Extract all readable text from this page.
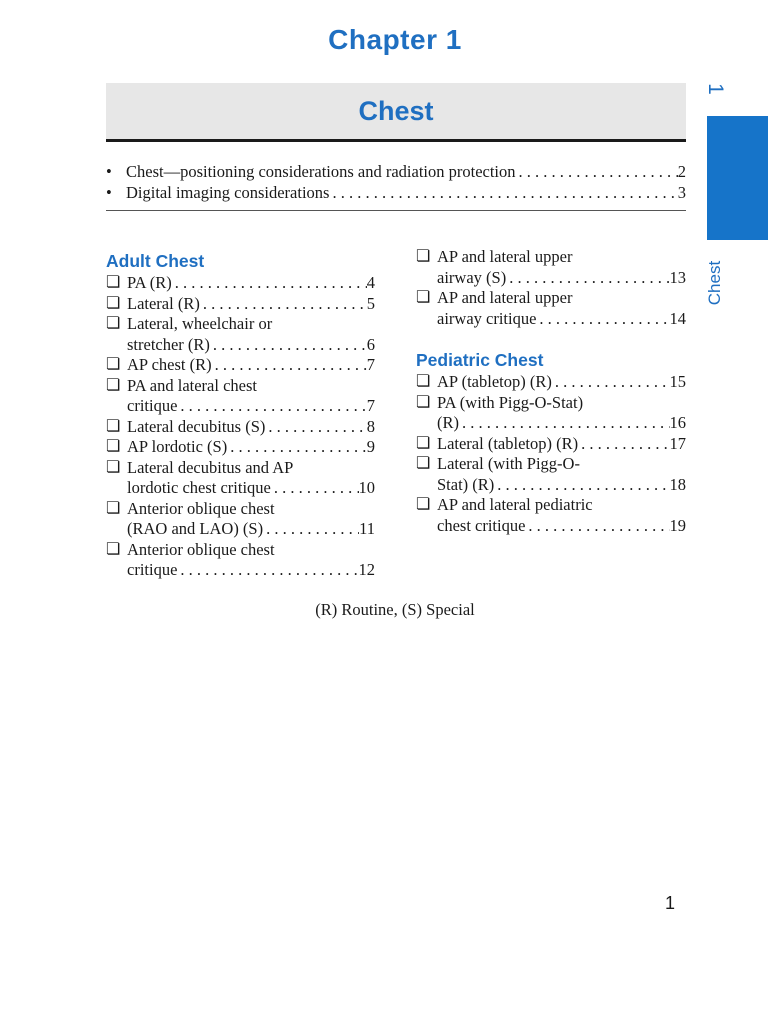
Chapter 1
Chest
1
Chest
• Chest—positioning considerations and radiation protection . . .	2
• Digital imaging considerations . . .	3
Adult Chest
❏ PA (R) . . .	4
❏ Lateral (R) . . .	5
❏ Lateral, wheelchair or
stretcher (R) . . .	6
❏ AP chest (R) . . .	7
❏ PA and lateral chest
critique . . .	7
❏ Lateral decubitus (S) . . .	8
❏ AP lordotic (S) . . .	9
❏ Lateral decubitus and AP
lordotic chest critique . . .	10
❏ Anterior oblique chest
(RAO and LAO) (S) . . .	11
❏ Anterior oblique chest
critique . . .	12
❏ AP and lateral upper
airway (S) . . .	13
❏ AP and lateral upper
airway critique . . .	14
Pediatric Chest
❏ AP (tabletop) (R) . . .	15
❏ PA (with Pigg-O-Stat)
(R) . . .	16
❏ Lateral (tabletop) (R) . . .	17
❏ Lateral (with Pigg-O-
Stat) (R) . . .	18
❏ AP and lateral pediatric
chest critique . . .	19
(R) Routine, (S) Special
1
